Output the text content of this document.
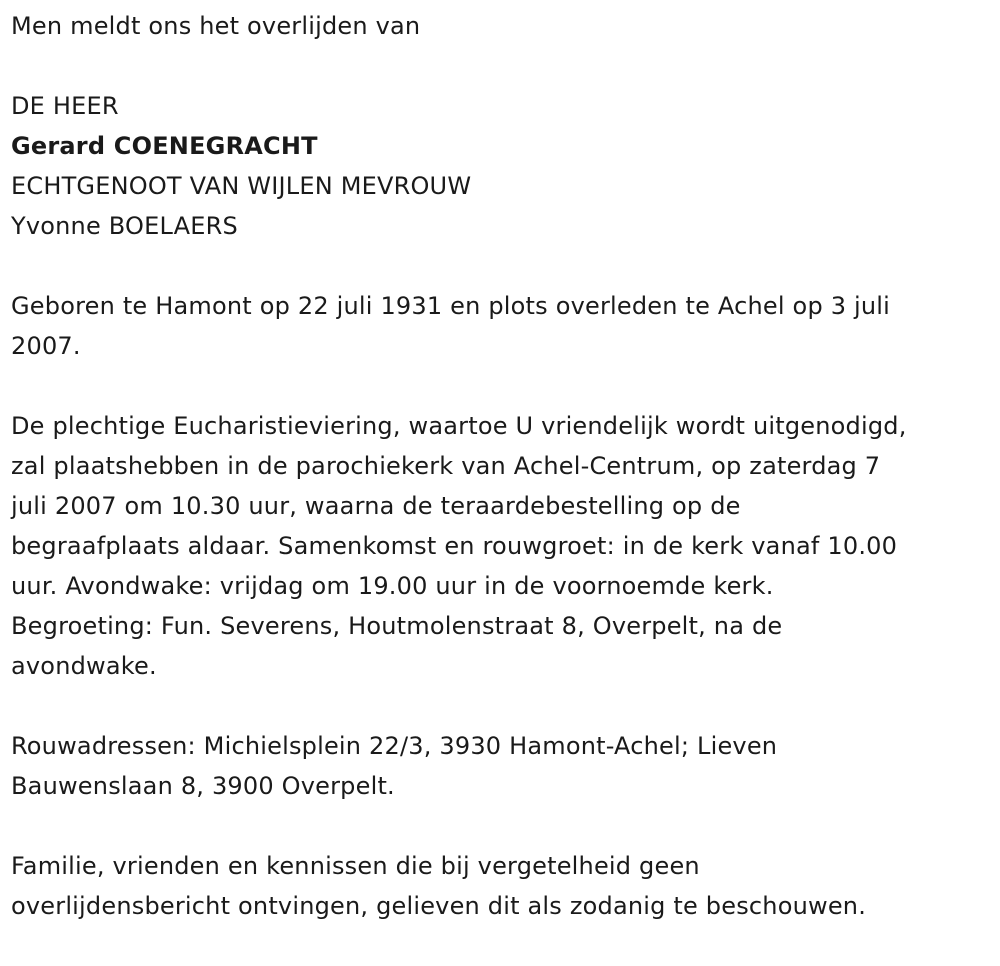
Men meldt ons het overlijden van
DE HEER
Gerard COENEGRACHT
ECHTGENOOT VAN WIJLEN MEVROUW
Yvonne BOELAERS
Geboren te Hamont op 22 juli 1931 en plots overleden te Achel op 3 juli
2007.
De plechtige Eucharistieviering, waartoe U vriendelijk wordt uitgenodigd,
zal plaatshebben in de parochiekerk van Achel-Centrum, op zaterdag 7
juli 2007 om 10.30 uur, waarna de teraardebestelling op de
begraafplaats aldaar. Samenkomst en rouwgroet: in de kerk vanaf 10.00
uur. Avondwake: vrijdag om 19.00 uur in de voornoemde kerk.
Begroeting: Fun. Severens, Houtmolenstraat 8, Overpelt, na de
avondwake.
Rouwadressen: Michielsplein 22/3, 3930 Hamont-Achel; Lieven
Bauwenslaan 8, 3900 Overpelt.
Familie, vrienden en kennissen die bij vergetelheid geen
overlijdensbericht ontvingen, gelieven dit als zodanig te beschouwen.
